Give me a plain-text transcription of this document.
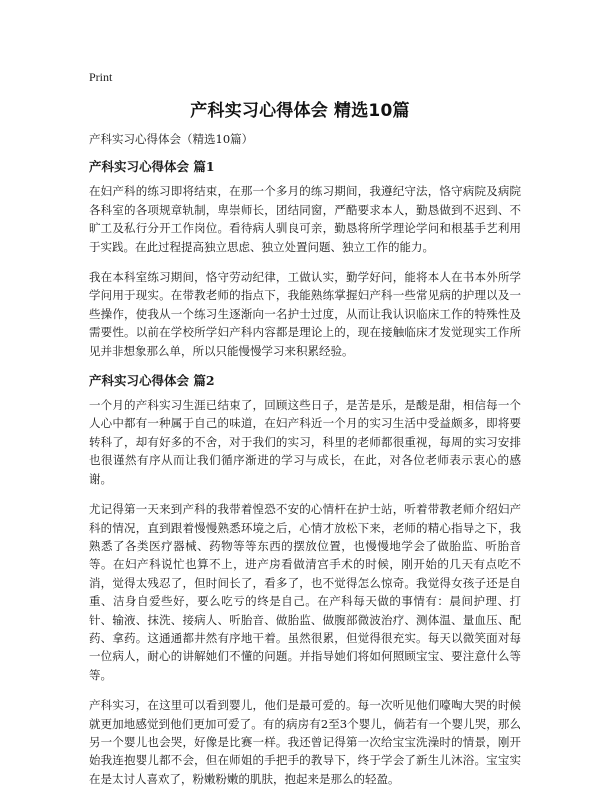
Print
产科实习心得体会 精选10篇

产科实习心得体会（精选10篇）

产科实习心得体会 篇1

在妇产科的练习即将结束，在那一个多月的练习期间，我遵纪守法，恪守病院及病院各科室的各项规章轨制，卑崇师长，团结同窗，严酷要求本人，勤恳做到不迟到、不旷工及私行分开工作岗位。看待病人驯良可亲，勤恳将所学理论学问和根基手艺利用于实践。在此过程提高独立思虑、独立处置问题、独立工作的能力。

我在本科室练习期间，恪守劳动纪律，工做认实，勤学好问，能将本人在书本外所学学问用于现实。在带教老师的指点下，我能熟练掌握妇产科一些常见病的护理以及一些操作，使我从一个练习生逐渐向一名护士过度，从而让我认识临床工作的特殊性及需要性。以前在学校所学妇产科内容都是理论上的，现在接触临床才发觉现实工作所见并非想象那么单，所以只能慢慢学习来积累经验。

产科实习心得体会 篇2

一个月的产科实习生涯已结束了，回顾这些日子，是苦是乐，是酸是甜，相信每一个人心中都有一种属于自己的味道，在妇产科近一个月的实习生活中受益颇多，即将要转科了，却有好多的不舍，对于我们的实习，科里的老师都很重视，每周的实习安排也很谨然有序从而让我们循序渐进的学习与成长，在此，对各位老师表示衷心的感谢。

尤记得第一天来到产科的我带着惶恐不安的心情杆在护士站，听着带教老师介绍妇产科的情况，直到跟着慢慢熟悉环境之后，心情才放松下来，老师的精心指导之下，我熟悉了各类医疗器械、药物等等东西的摆放位置，也慢慢地学会了做胎监、听胎音等。在妇产科说忙也算不上，进产房看做清宫手术的时候，刚开始的几天有点吃不消，觉得太残忍了，但时间长了，看多了，也不觉得怎么惊奇。我觉得女孩子还是自重、洁身自爱些好，要么吃亏的终是自己。在产科每天做的事情有：晨间护理、打针、输液、抹洗、接病人、听胎音、做胎监、做腹部微波治疗、测体温、量血压、配药、拿药。这通通都井然有序地干着。虽然很累，但觉得很充实。每天以微笑面对每一位病人，耐心的讲解她们不懂的问题。并指导她们将如何照顾宝宝、要注意什么等等。

产科实习，在这里可以看到婴儿，他们是最可爱的。每一次听见他们嚎啕大哭的时候就更加地感觉到他们更加可爱了。有的病房有2至3个婴儿，倘若有一个婴儿哭，那么另一个婴儿也会哭，好像是比赛一样。我还曾记得第一次给宝宝洗澡时的情景，刚开始我连抱婴儿都不会，但在师姐的手把手的教导下，终于学会了新生儿沐浴。宝宝实在是太讨人喜欢了，粉嫩粉嫩的肌肤，抱起来是那么的轻盈。
